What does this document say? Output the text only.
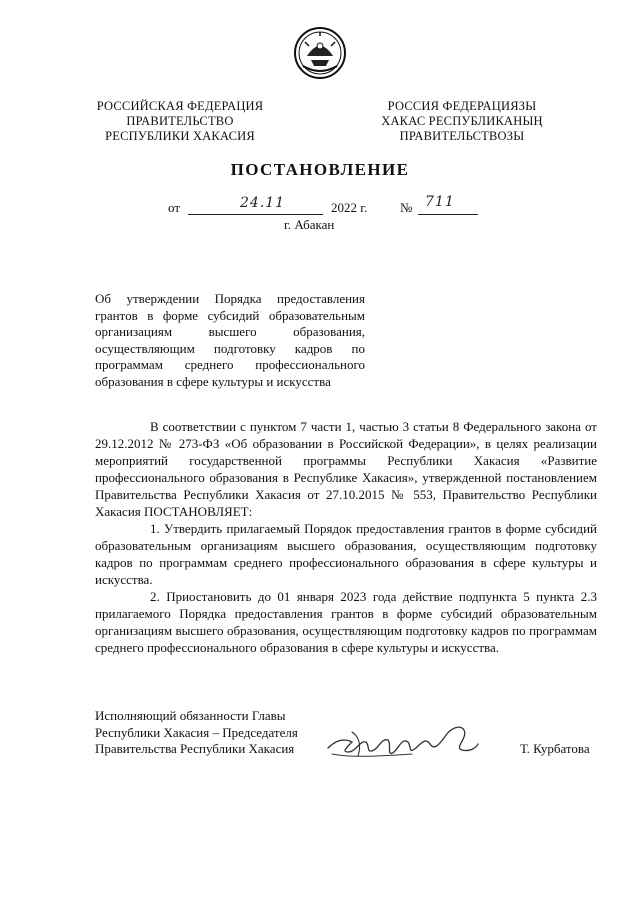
РОССИЙСКАЯ ФЕДЕРАЦИЯ
ПРАВИТЕЛЬСТВО
РЕСПУБЛИКИ ХАКАСИЯ
РОССИЯ ФЕДЕРАЦИЯЗЫ
ХАКАС РЕСПУБЛИКАНЫҢ
ПРАВИТЕЛЬСТВОЗЫ
ПОСТАНОВЛЕНИЕ
от	24.11	2022 г.	№ 711
г. Абакан
Об утверждении Порядка предоставления грантов в форме субсидий образовательным организациям высшего образования, осуществляющим подготовку кадров по программам среднего профессионального образования в сфере культуры и искусства

В соответствии с пунктом 7 части 1, частью 3 статьи 8 Федерального закона от 29.12.2012 № 273-ФЗ «Об образовании в Российской Федерации», в целях реализации мероприятий государственной программы Республики Хакасия «Развитие профессионального образования в Республике Хакасия», утвержденной постановлением Правительства Республики Хакасия от 27.10.2015 № 553, Правительство Республики Хакасия ПОСТАНОВЛЯЕТ:

1. Утвердить прилагаемый Порядок предоставления грантов в форме субсидий образовательным организациям высшего образования, осуществляющим подготовку кадров по программам среднего профессионального образования в сфере культуры и искусства.

2. Приостановить до 01 января 2023 года действие подпункта 5 пункта 2.3 прилагаемого Порядка предоставления грантов в форме субсидий образовательным организациям высшего образования, осуществляющим подготовку кадров по программам среднего профессионального образования в сфере культуры и искусства.

Исполняющий обязанности Главы
Республики Хакасия – Председателя
Правительства Республики Хакасия	Т. Курбатова
